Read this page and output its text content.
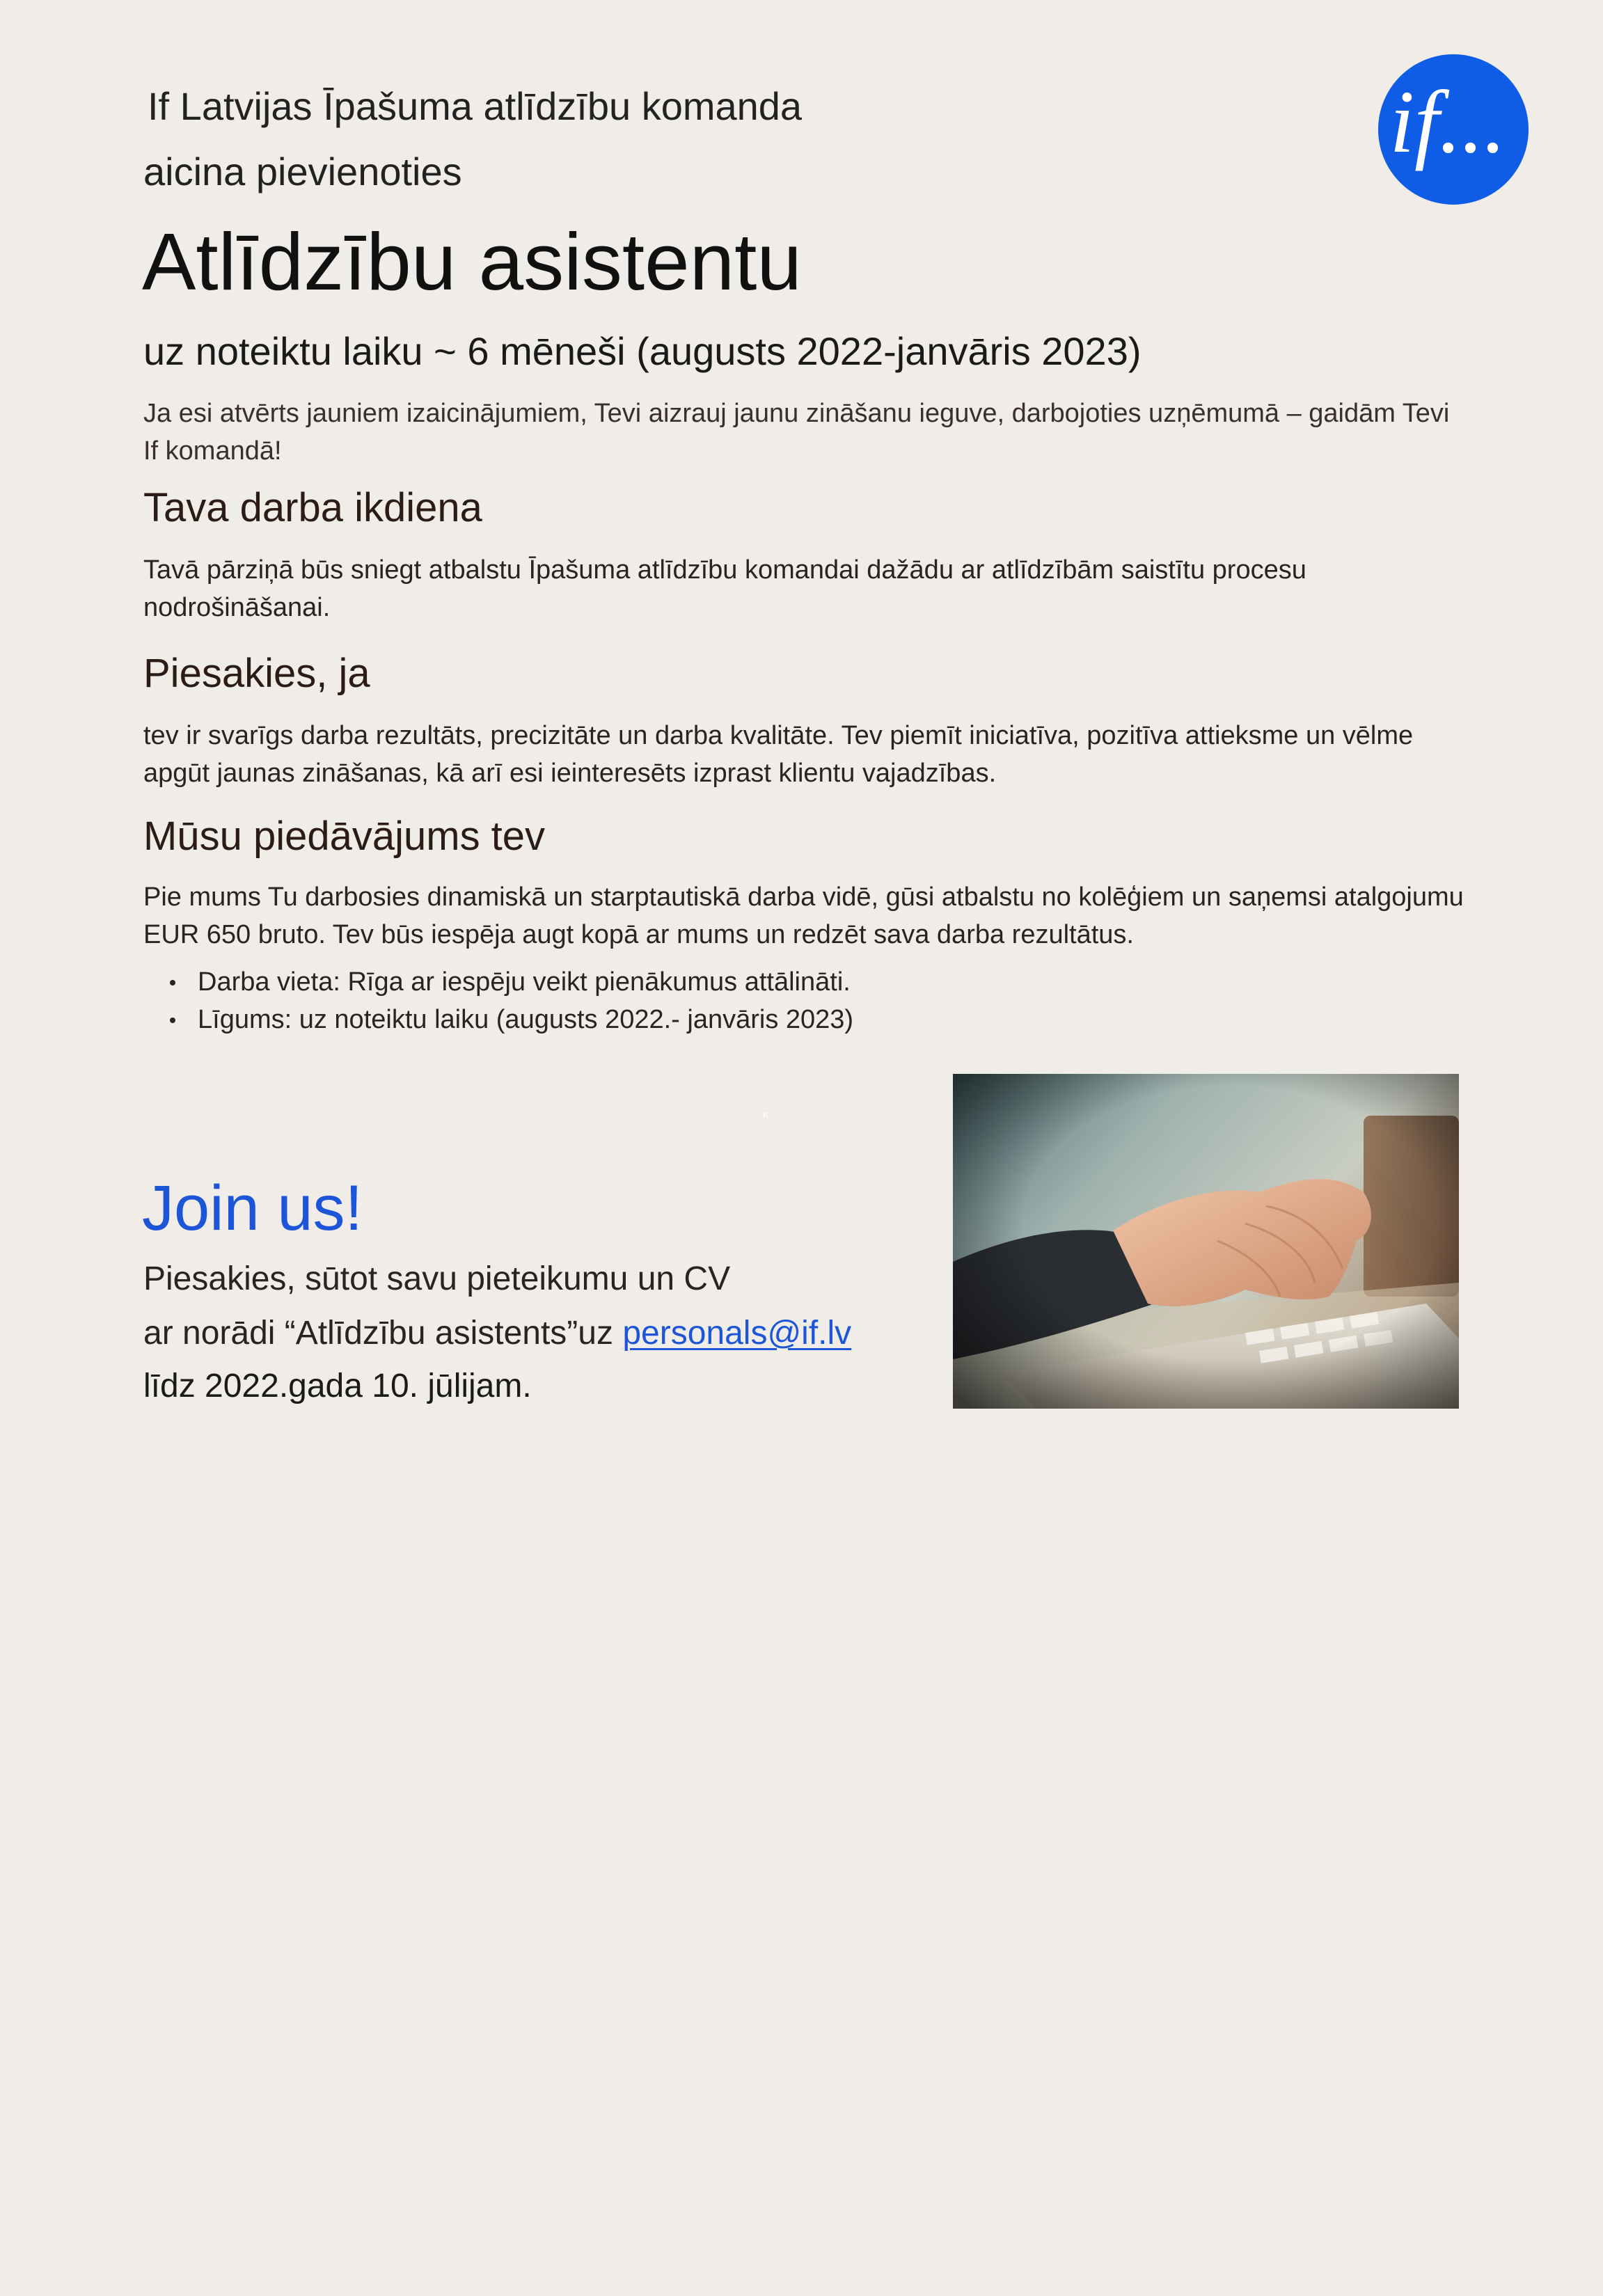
If Latvijas Īpašuma atlīdzību komanda
aicina pievienoties
Atlīdzību asistentu
uz noteiktu laiku ~ 6 mēneši (augusts 2022-janvāris 2023)
if...
Ja esi atvērts jauniem izaicinājumiem, Tevi aizrauj jaunu zināšanu ieguve, darbojoties uzņēmumā – gaidām Tevi If komandā!
Tava darba ikdiena
Tavā pārziņā būs sniegt atbalstu Īpašuma atlīdzību komandai dažādu ar atlīdzībām saistītu procesu nodrošināšanai.
Piesakies, ja
tev ir svarīgs darba rezultāts, precizitāte un darba kvalitāte. Tev piemīt iniciatīva, pozitīva attieksme un vēlme apgūt jaunas zināšanas, kā arī esi ieinteresēts izprast klientu vajadzības.
Mūsu piedāvājums tev
Pie mums Tu darbosies dinamiskā un starptautiskā darba vidē, gūsi atbalstu no kolēģiem un saņemsi atalgojumu EUR 650 bruto. Tev būs iespēja augt kopā ar mums un redzēt sava darba rezultātus.
Darba vieta: Rīga ar iespēju veikt pienākumus attālināti.
Līgums: uz noteiktu laiku (augusts 2022.- janvāris 2023)
K
Join us!
Piesakies, sūtot savu pieteikumu un CV
ar norādi “Atlīdzību asistents”uz personals@if.lv
līdz 2022.gada 10. jūlijam.
